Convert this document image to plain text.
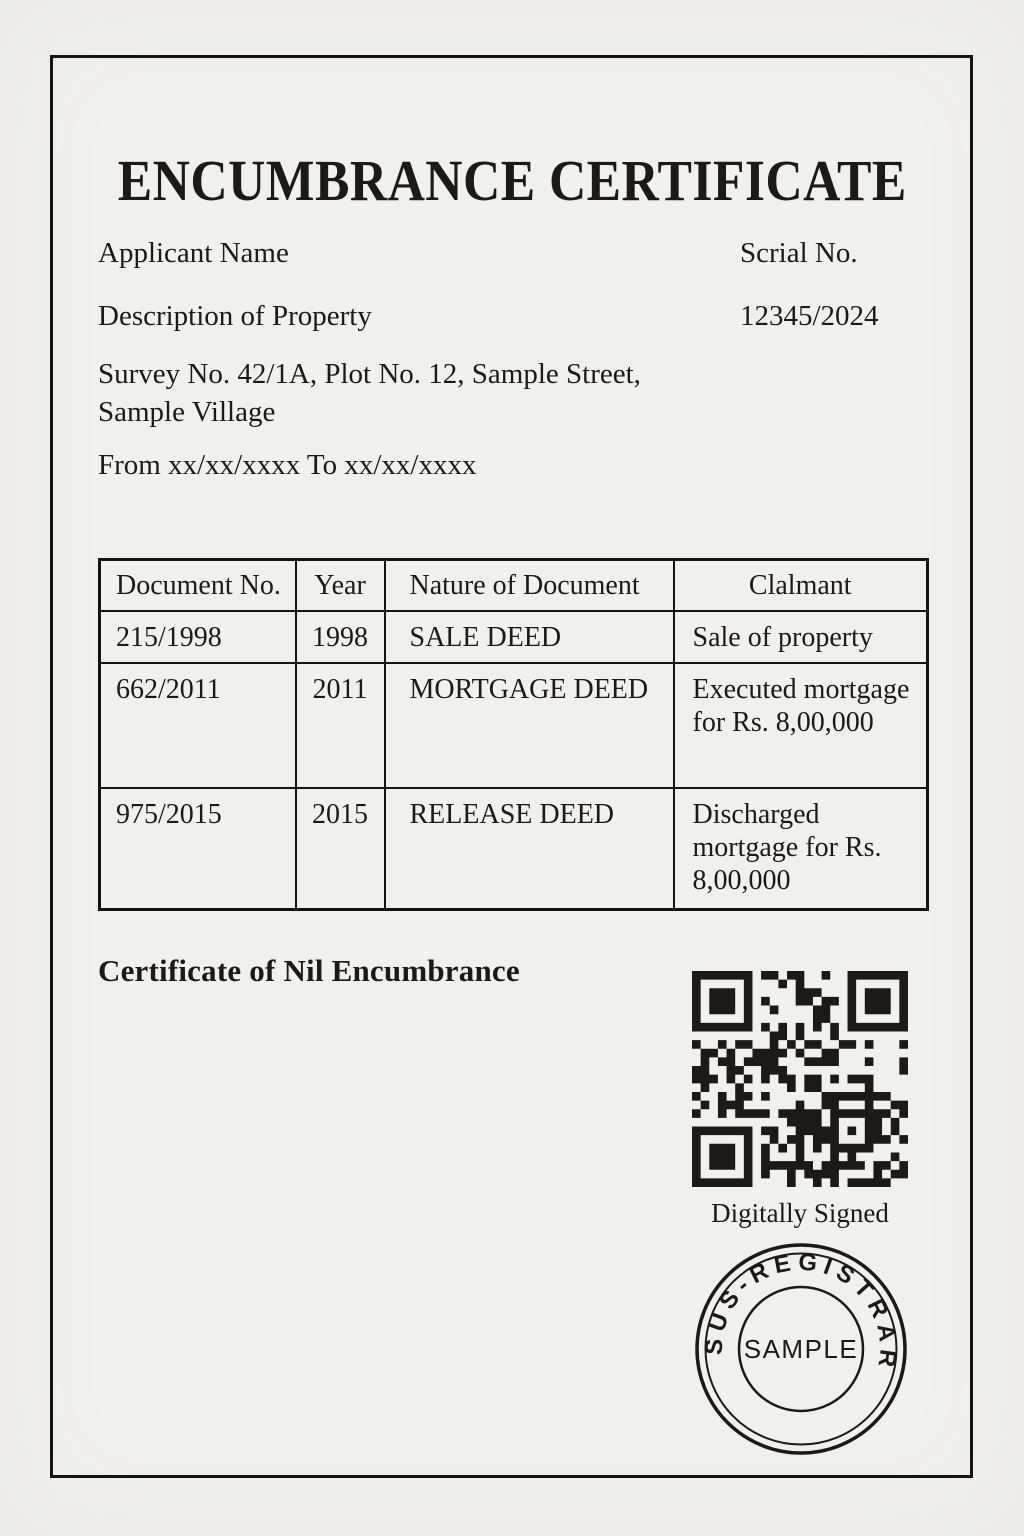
ENCUMBRANCE CERTIFICATE
Applicant Name	Scrial No.
Description of Property	12345/2024
Survey No. 42/1A, Plot No. 12, Sample Street, Sample Village
From xx/xx/xxxx To xx/xx/xxxx
Document No.	Year	Nature of Document	Clalmant
215/1998	1998	SALE DEED	Sale of property
662/2011	2011	MORTGAGE DEED	Executed mortgage for Rs. 8,00,000
975/2015	2015	RELEASE DEED	Discharged mortgage for Rs. 8,00,000
Certificate of Nil Encumbrance
Digitally Signed
SUS-REGISTRAR
SAMPLE
